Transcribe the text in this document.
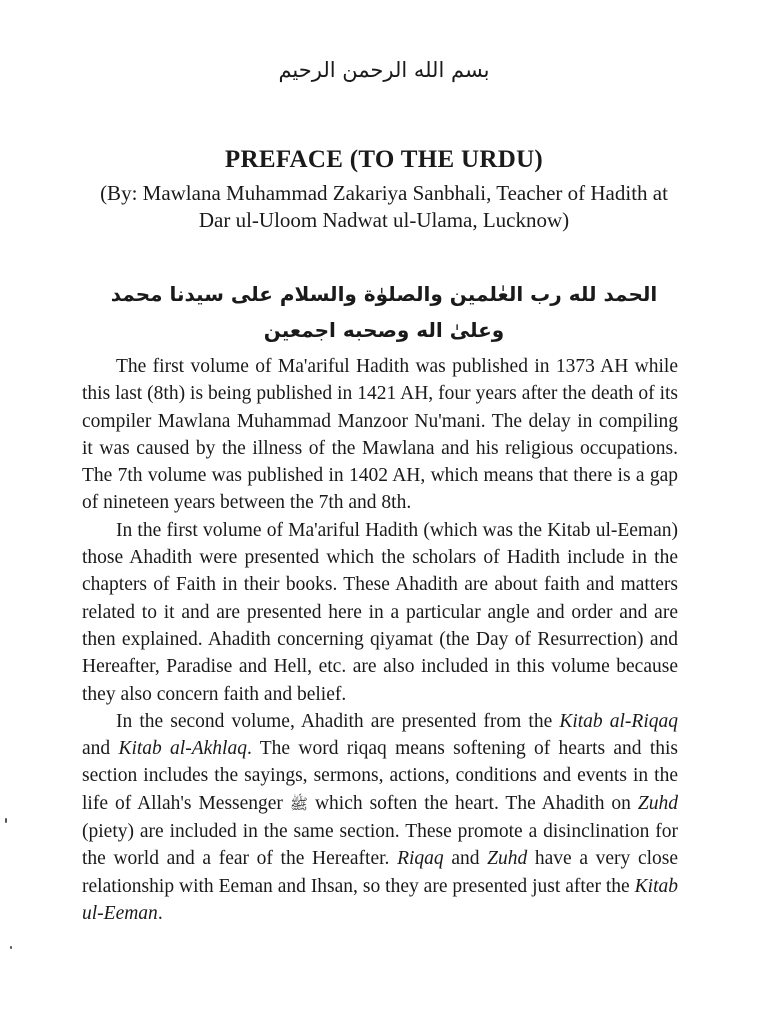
بسم الله الرحمن الرحيم
PREFACE (TO THE URDU)
(By: Mawlana Muhammad Zakariya Sanbhali, Teacher of Hadith at Dar ul-Uloom Nadwat ul-Ulama, Lucknow)
الحمد لله رب العٰلمين والصلوٰة والسلام على سيدنا محمد
وعلىٰ اله وصحبه اجمعين

The first volume of Ma'ariful Hadith was published in 1373 AH while this last (8th) is being published in 1421 AH, four years after the death of its compiler Mawlana Muhammad Manzoor Nu'mani. The delay in compiling it was caused by the illness of the Mawlana and his religious occupations. The 7th volume was published in 1402 AH, which means that there is a gap of nineteen years between the 7th and 8th.

In the first volume of Ma'ariful Hadith (which was the Kitab ul-Eeman) those Ahadith were presented which the scholars of Hadith include in the chapters of Faith in their books. These Ahadith are about faith and matters related to it and are presented here in a particular angle and order and are then explained. Ahadith concerning qiyamat (the Day of Resurrection) and Hereafter, Paradise and Hell, etc. are also included in this volume because they also concern faith and belief.

In the second volume, Ahadith are presented from the Kitab al-Riqaq and Kitab al-Akhlaq. The word riqaq means softening of hearts and this section includes the sayings, sermons, actions, conditions and events in the life of Allah's Messenger ﷺ which soften the heart. The Ahadith on Zuhd (piety) are included in the same section. These promote a disinclination for the world and a fear of the Hereafter. Riqaq and Zuhd have a very close relationship with Eeman and Ihsan, so they are presented just after the Kitab ul-Eeman.
